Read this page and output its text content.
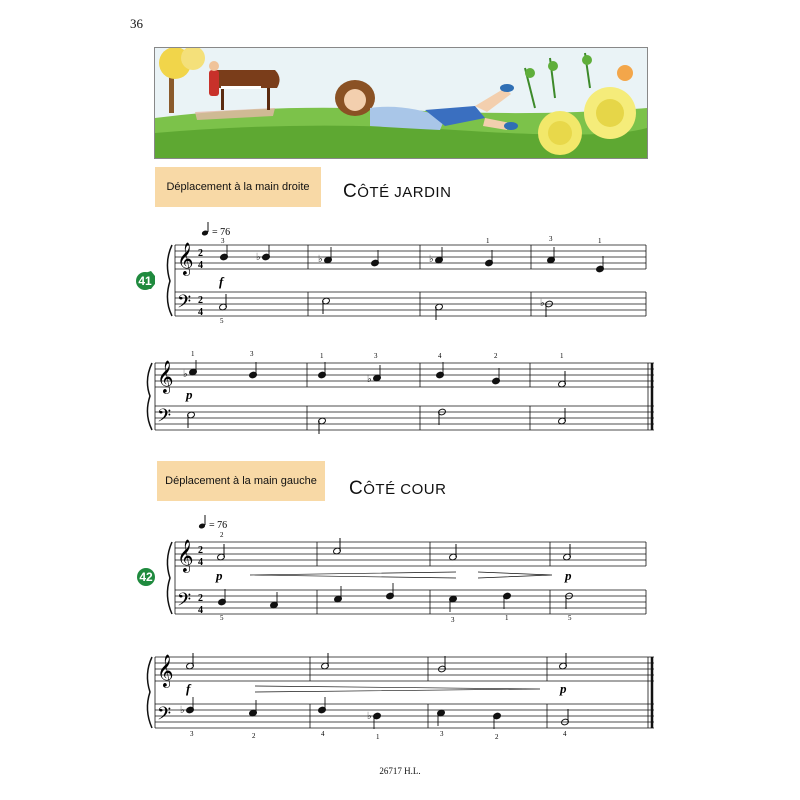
36
Déplacement à la main droite	CÔTÉ JARDIN
Déplacement à la main gauche	CÔTÉ COUR
= 76
41
𝄞
𝄢
2
4
2
4
♭	♭	♭
3	1	3	1
5
f
♭
𝄞
𝄢
♭	♭
1	3	1	3	4	2	1
p
= 76
42
𝄞
𝄢
2
4
2
4
2
p	p
5	3	1	5
𝄞
𝄢
f	p
♭
♭
3	2	4	1	3	2	4
26717 H.L.
